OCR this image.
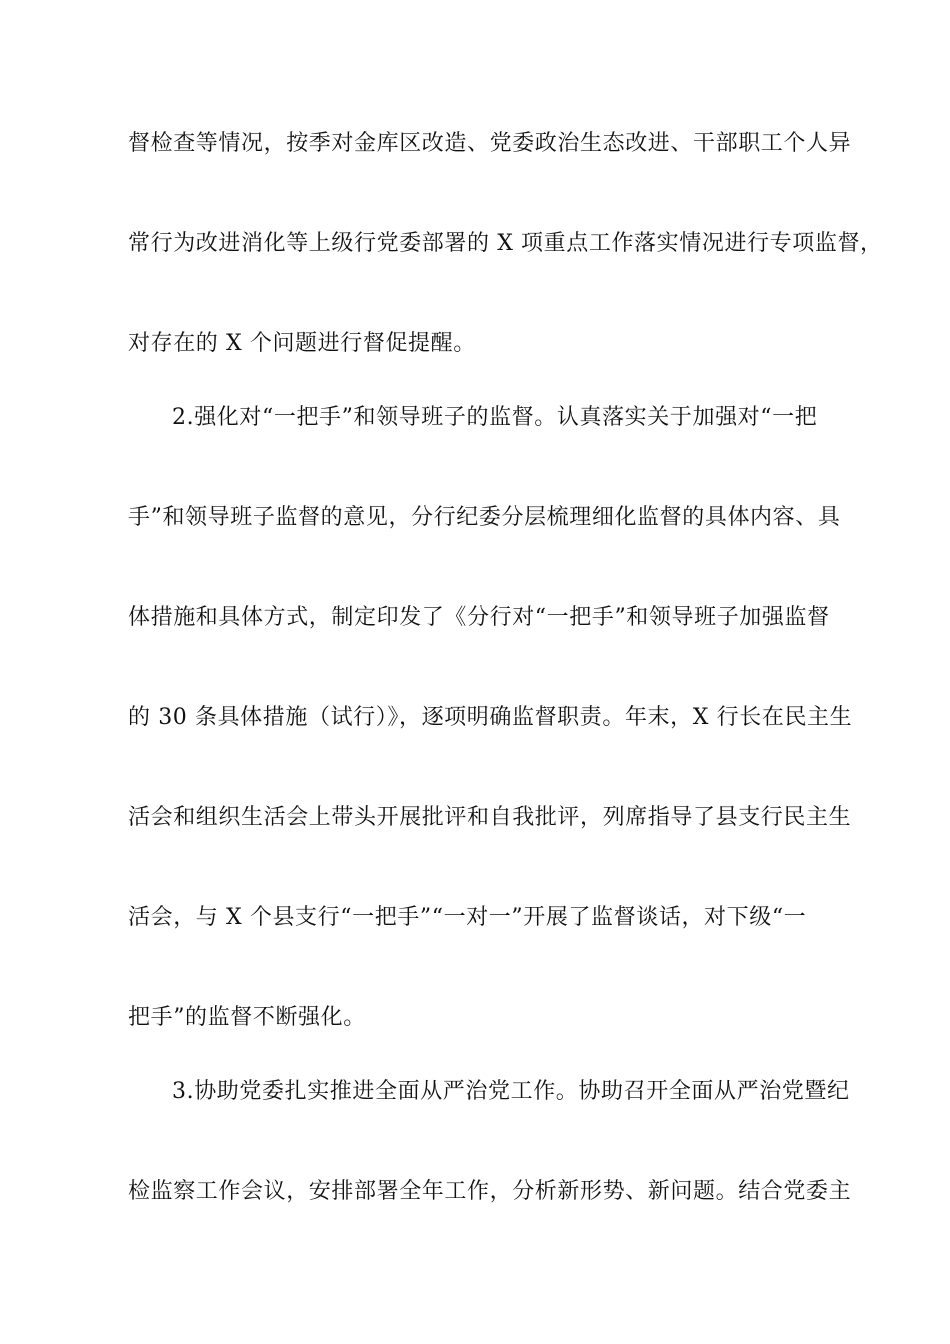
督检查等情况，按季对金库区改造、党委政治生态改进、干部职工个人异
常行为改进消化等上级行党委部署的 X 项重点工作落实情况进行专项监督，
对存在的 X 个问题进行督促提醒。
2.强化对“一把手”和领导班子的监督。认真落实关于加强对“一把
手”和领导班子监督的意见，分行纪委分层梳理细化监督的具体内容、具
体措施和具体方式，制定印发了《分行对“一把手”和领导班子加强监督
的 30 条具体措施（试行）》，逐项明确监督职责。年末，X 行长在民主生
活会和组织生活会上带头开展批评和自我批评，列席指导了县支行民主生
活会，与 X 个县支行“一把手”“一对一”开展了监督谈话，对下级“一
把手”的监督不断强化。
3.协助党委扎实推进全面从严治党工作。协助召开全面从严治党暨纪
检监察工作会议，安排部署全年工作，分析新形势、新问题。结合党委主
